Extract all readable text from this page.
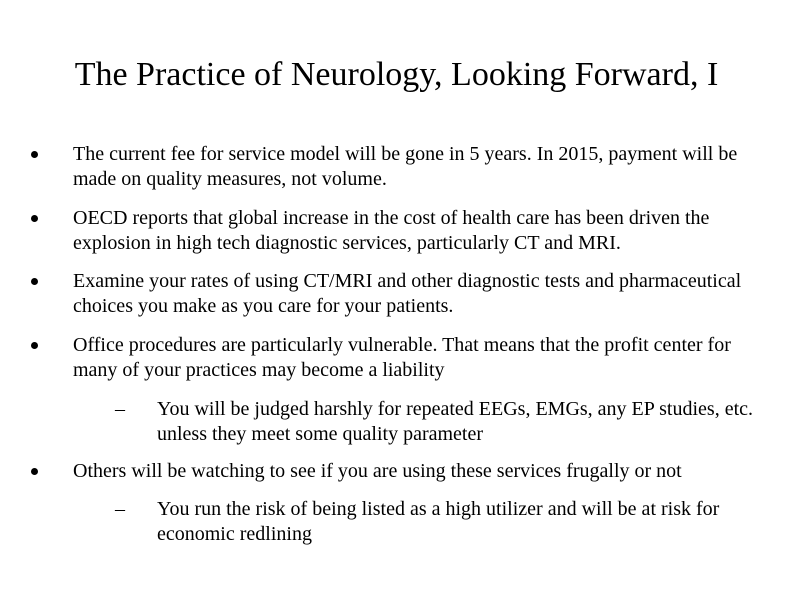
The Practice of Neurology, Looking Forward, I
The current fee for service model will be gone in 5 years. In 2015, payment will be made on quality measures, not volume.
OECD reports that global increase in the cost of health care has been driven the explosion in high tech diagnostic services, particularly CT and MRI.
Examine your rates of using CT/MRI and other diagnostic tests and pharmaceutical choices you make as you care for your patients.
Office procedures are particularly vulnerable. That means that the profit center for many of your practices may become a liability
– You will be judged harshly for repeated EEGs, EMGs, any EP studies, etc. unless they meet some quality parameter
Others will be watching to see if you are using these services frugally or not
– You run the risk of being listed as a high utilizer and will be at risk for economic redlining
